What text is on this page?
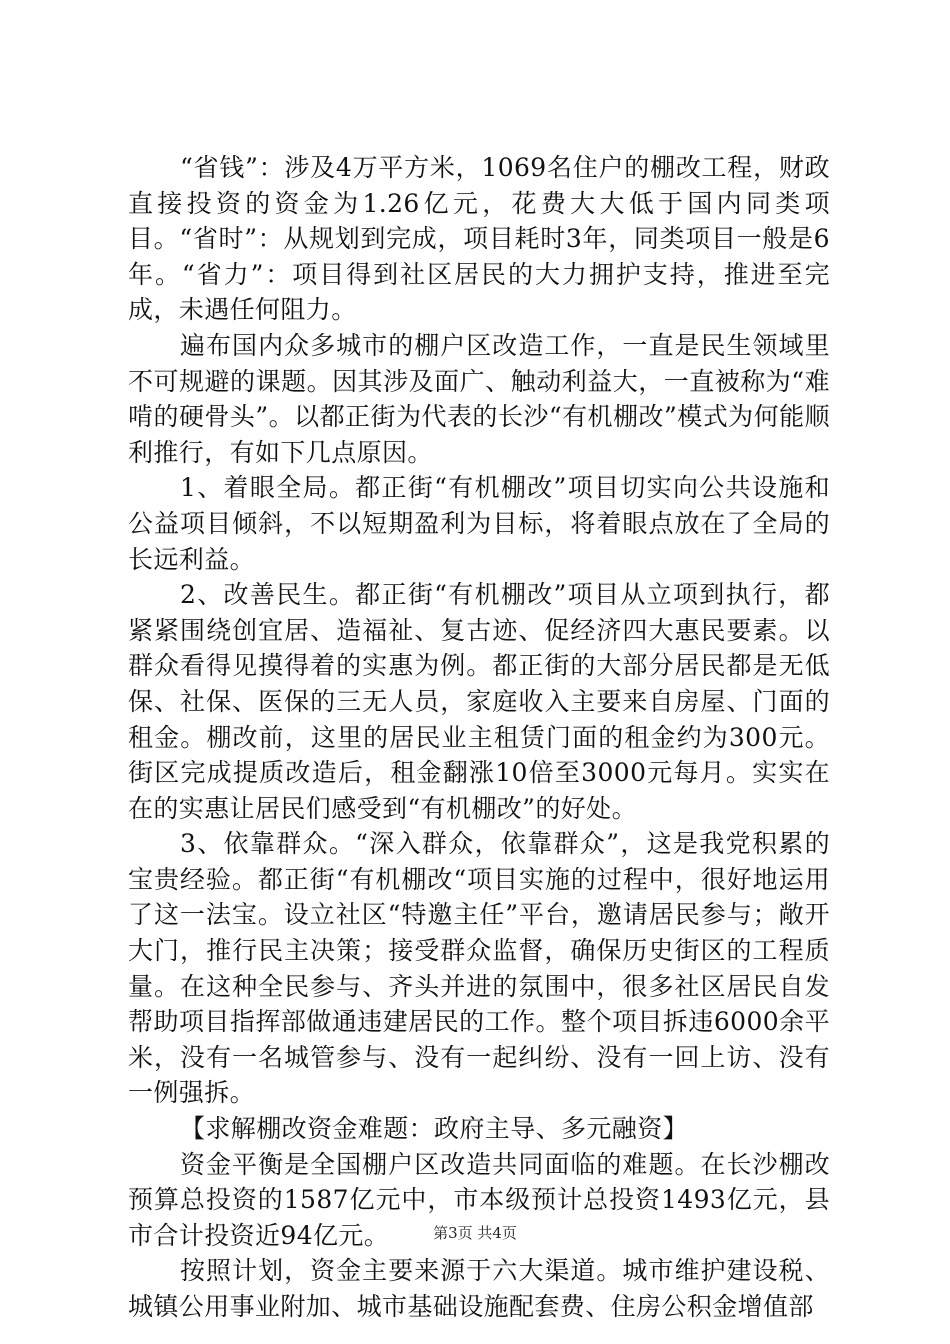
“省钱”：涉及4万平方米，1069名住户的棚改工程，财政直接投资的资金为1.26亿元，花费大大低于国内同类项目。“省时”：从规划到完成，项目耗时3年，同类项目一般是6年。“省力”：项目得到社区居民的大力拥护支持，推进至完成，未遇任何阻力。

遍布国内众多城市的棚户区改造工作，一直是民生领域里不可规避的课题。因其涉及面广、触动利益大，一直被称为“难啃的硬骨头”。以都正街为代表的长沙“有机棚改”模式为何能顺利推行，有如下几点原因。

1、着眼全局。都正街“有机棚改”项目切实向公共设施和公益项目倾斜，不以短期盈利为目标，将着眼点放在了全局的长远利益。

2、改善民生。都正街“有机棚改”项目从立项到执行，都紧紧围绕创宜居、造福祉、复古迹、促经济四大惠民要素。以群众看得见摸得着的实惠为例。都正街的大部分居民都是无低保、社保、医保的三无人员，家庭收入主要来自房屋、门面的租金。棚改前，这里的居民业主租赁门面的租金约为300元。街区完成提质改造后，租金翻涨10倍至3000元每月。实实在在的实惠让居民们感受到“有机棚改”的好处。

3、依靠群众。“深入群众，依靠群众”，这是我党积累的宝贵经验。都正街“有机棚改“项目实施的过程中，很好地运用了这一法宝。设立社区“特邀主任”平台，邀请居民参与；敞开大门，推行民主决策；接受群众监督，确保历史街区的工程质量。在这种全民参与、齐头并进的氛围中，很多社区居民自发帮助项目指挥部做通违建居民的工作。整个项目拆违6000余平米，没有一名城管参与、没有一起纠纷、没有一回上访、没有一例强拆。

【求解棚改资金难题：政府主导、多元融资】

资金平衡是全国棚户区改造共同面临的难题。在长沙棚改预算总投资的1587亿元中，市本级预计总投资1493亿元，县市合计投资近94亿元。

按照计划，资金主要来源于六大渠道。城市维护建设税、城镇公用事业附加、城市基础设施配套费、住房公积金增值部

第3页 共4页
